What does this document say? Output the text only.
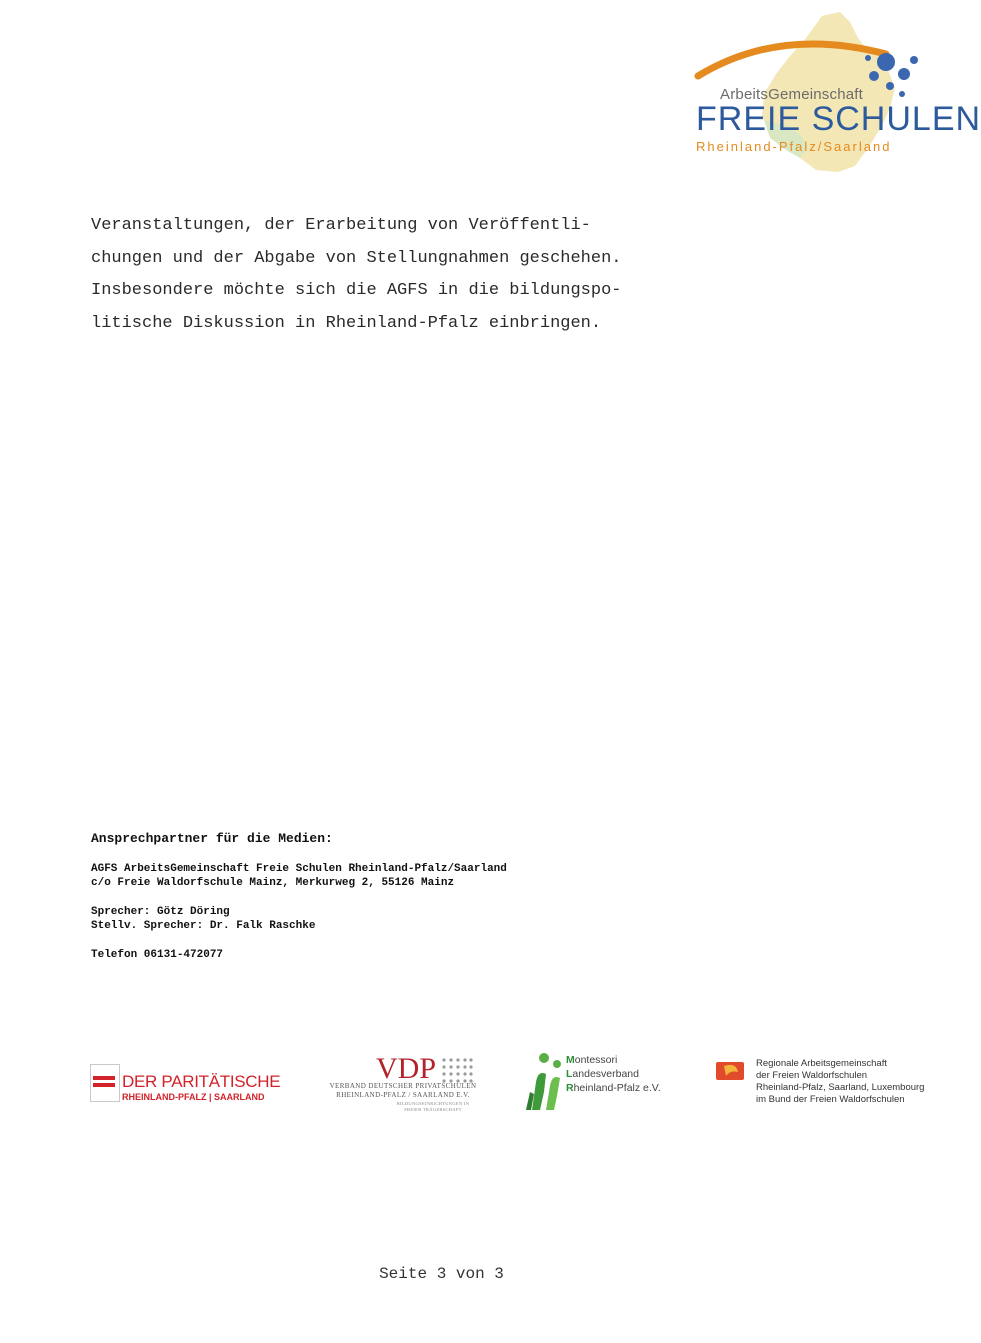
ArbeitsGemeinschaft
FREIE SCHULEN
Rheinland-Pfalz/Saarland
Veranstaltungen, der Erarbeitung von Veröffentli-
chungen und der Abgabe von Stellungnahmen geschehen.
Insbesondere möchte sich die AGFS in die bildungspo-
litische Diskussion in Rheinland-Pfalz einbringen.
Ansprechpartner für die Medien:
AGFS ArbeitsGemeinschaft Freie Schulen Rheinland-Pfalz/Saarland
c/o Freie Waldorfschule Mainz, Merkurweg 2, 55126 Mainz
Sprecher: Götz Döring
Stellv. Sprecher: Dr. Falk Raschke
Telefon 06131-472077
DER PARITÄTISCHE
RHEINLAND-PFALZ | SAARLAND
VDP
VERBAND DEUTSCHER PRIVATSCHULEN
RHEINLAND-PFALZ / SAARLAND E.V.
BILDUNGSEINRICHTUNGEN IN
FREIER TRÄGERSCHAFT
Montessori
Landesverband
Rheinland-Pfalz e.V.
Regionale Arbeitsgemeinschaft
der Freien Waldorfschulen
Rheinland-Pfalz, Saarland, Luxembourg
im Bund der Freien Waldorfschulen
Seite 3 von 3
